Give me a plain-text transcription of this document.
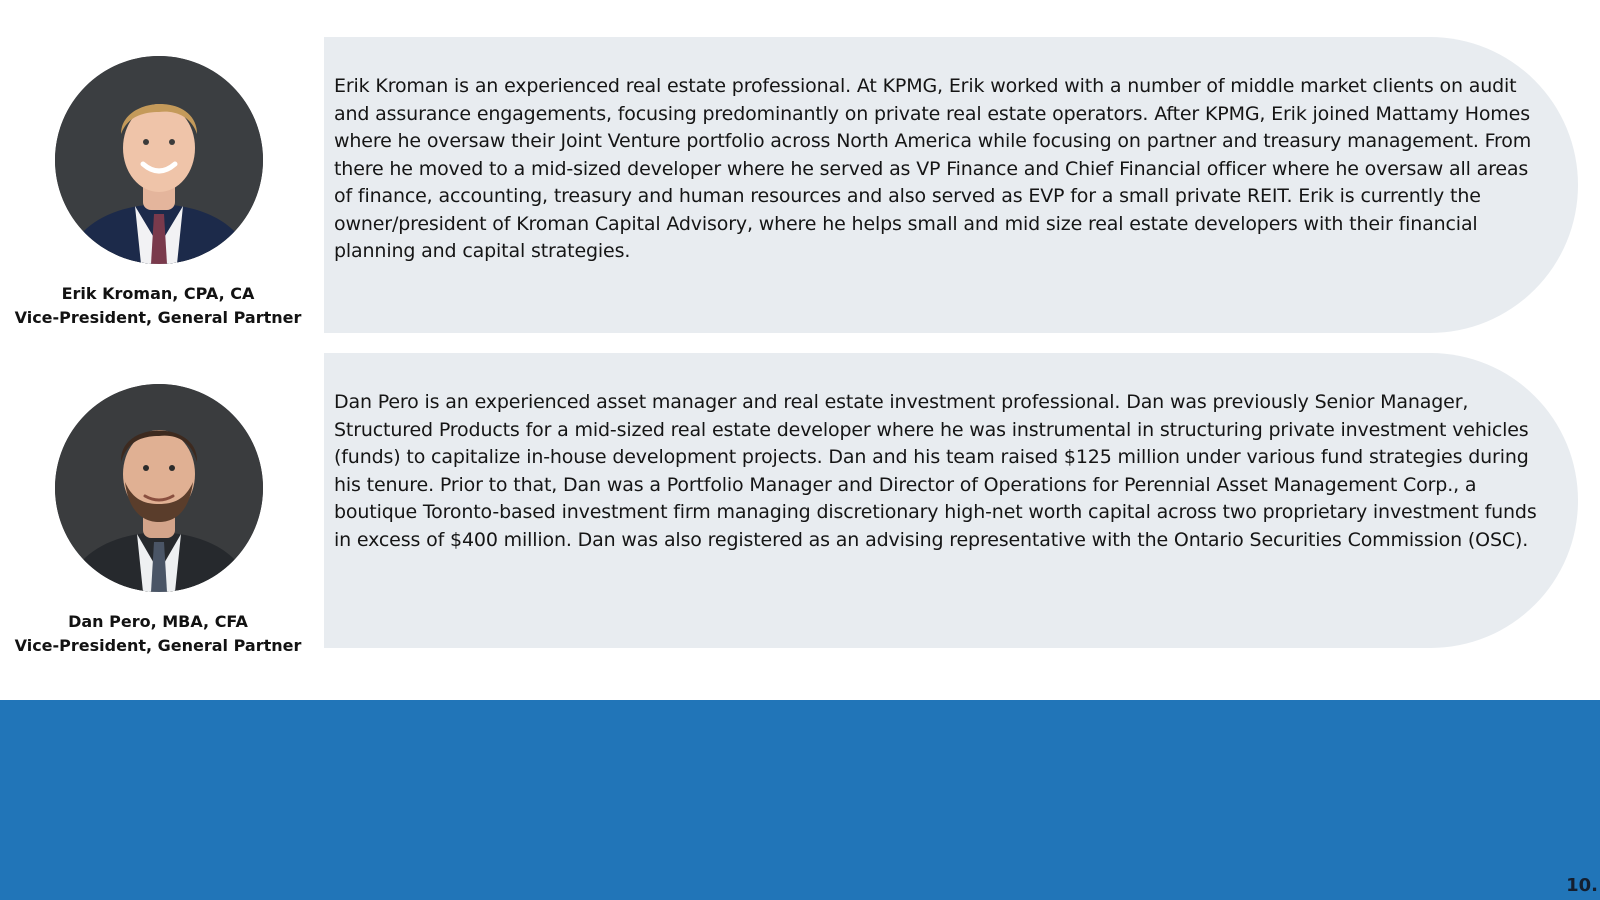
Erik Kroman, CPA, CA
Vice-President, General Partner

Erik Kroman is an experienced real estate professional. At KPMG, Erik worked with a number of middle market clients on audit and assurance engagements, focusing predominantly on private real estate operators. After KPMG, Erik joined Mattamy Homes where he oversaw their Joint Venture portfolio across North America while focusing on partner and treasury management. From there he moved to a mid-sized developer where he served as VP Finance and Chief Financial officer where he oversaw all areas of finance, accounting, treasury and human resources and also served as EVP for a small private REIT. Erik is currently the owner/president of Kroman Capital Advisory, where he helps small and mid size real estate developers with their financial planning and capital strategies.

Dan Pero, MBA, CFA
Vice-President, General Partner

Dan Pero is an experienced asset manager and real estate investment professional. Dan was previously Senior Manager, Structured Products for a mid-sized real estate developer where he was instrumental in structuring private investment vehicles (funds) to capitalize in-house development projects. Dan and his team raised $125 million under various fund strategies during his tenure. Prior to that, Dan was a Portfolio Manager and Director of Operations for Perennial Asset Management Corp., a boutique Toronto-based investment firm managing discretionary high-net worth capital across two proprietary investment funds in excess of $400 million. Dan was also registered as an advising representative with the Ontario Securities Commission (OSC).

10.
